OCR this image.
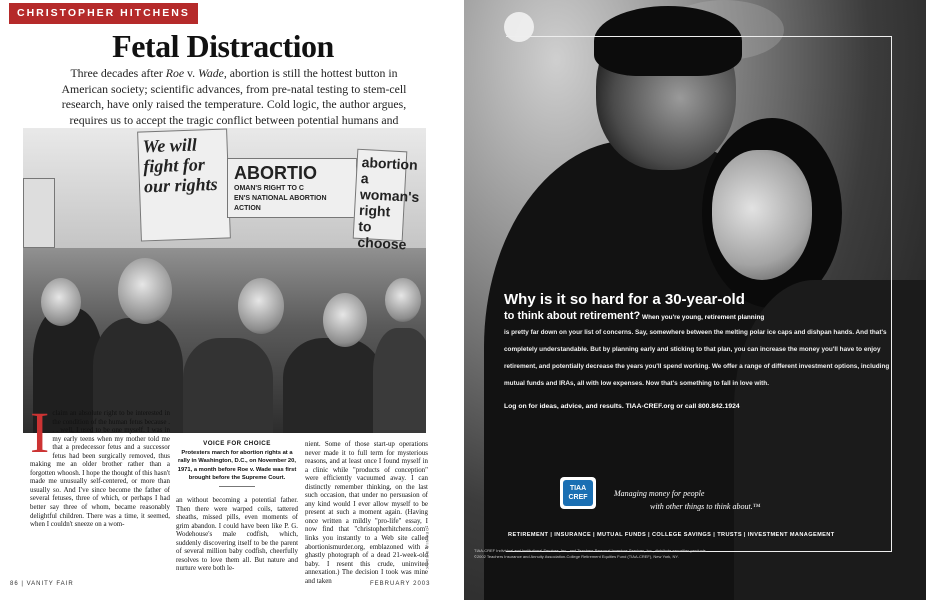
CHRISTOPHER HITCHENS
Fetal Distraction

Three decades after Roe v. Wade, abortion is still the hottest button in American society; scientific advances, from pre-natal testing to stem-cell research, have only raised the temperature. Cold logic, the author argues, requires us to accept the tragic conflict between potential humans and

We will fight for our rights
ABORTIO
OMAN'S RIGHT TO C
EN'S NATIONAL ABORTION ACTION
abortion a woman's right to choose
I claim an absolute right to be interested in the condition of the human fetus because . . . well, I used to be one myself. I was in my early teens when my mother told me that a predecessor fetus and a successor fetus had been surgically removed, thus making me an older brother rather than a forgotten whoosh. I hope the thought of this hasn't made me unusually self-centered, or more than usually so. And I've since become the father of several fetuses, three of which, or perhaps I had better say three of whom, became reasonably delightful children. There was a time, it seemed, when I couldn't sneeze on a wom-
VOICE FOR CHOICE
Protesters march for abortion rights at a rally in Washington, D.C., on November 20, 1971, a month before Roe v. Wade was first brought before the Supreme Court.
an without becoming a potential father. Then there were warped coils, tattered sheaths, missed pills, even moments of grim abandon. I could have been like P. G. Wodehouse's male codfish, which, suddenly discovering itself to be the parent of several million baby codfish, cheerfully resolves to love them all. But nature and nurture were both le-
nient. Some of those start-up operations never made it to full term for mysterious reasons, and at least once I found myself in a clinic while "products of conception" were efficiently vacuumed away. I can distinctly remember thinking, on the last such occasion, that under no persuasion of any kind would I ever allow myself to be present at such a moment again. (Having once written a mildly "pro-life" essay, I now find that "christopherhitchens.com" links you instantly to a Web site called abortionismurder.org, emblazoned with a ghastly photograph of a dead 21-week-old baby. I resent this crude, uninvited annexation.) The decision I took was mine and taken
DENNIS BRACK
86 | VANITY FAIR	FEBRUARY 2003
Why is it so hard for a 30-year-old
to think about retirement? When you're young, retirement planning
is pretty far down on your list of concerns. Say, somewhere between the melting polar ice caps and dishpan hands. And that's completely understandable. But by planning early and sticking to that plan, you can increase the money you'll have to enjoy retirement, and potentially decrease the years you'll spend working. We offer a range of different investment options, including mutual funds and IRAs, all with low expenses. Now that's something to fall in love with.
Log on for ideas, advice, and results. TIAA-CREF.org or call 800.842.1924
TIAA
CREF	Managing money for people
with other things to think about.™
RETIREMENT | INSURANCE | MUTUAL FUNDS | COLLEGE SAVINGS | TRUSTS | INVESTMENT MANAGEMENT
TIAA-CREF Individual and Institutional Services, Inc., and Teachers Personal Investors Services, Inc., distribute securities products.
©2002 Teachers Insurance and Annuity Association-College Retirement Equities Fund (TIAA-CREF), New York, NY.
